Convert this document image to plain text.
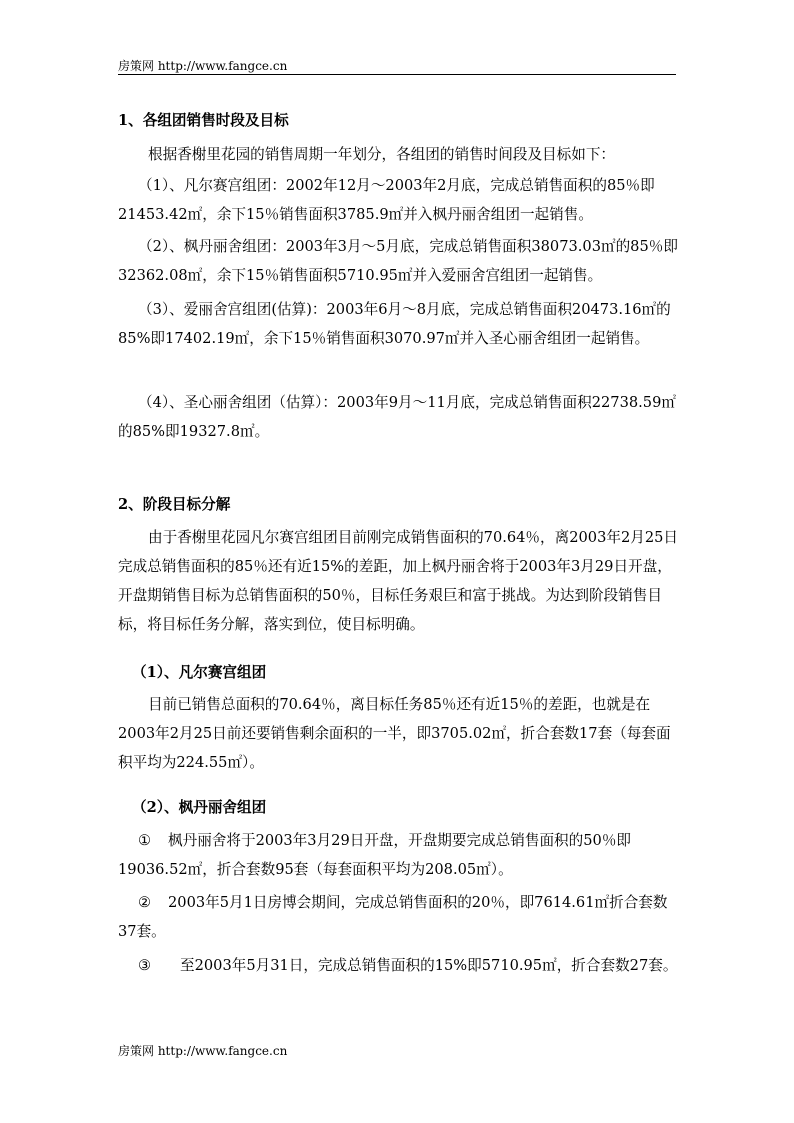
房策网 http://www.fangce.cn
1、各组团销售时段及目标
根据香榭里花园的销售周期一年划分，各组团的销售时间段及目标如下：
（1）、凡尔赛宫组团：2002年12月～2003年2月底，完成总销售面积的85％即21453.42㎡，余下15％销售面积3785.9㎡并入枫丹丽舍组团一起销售。
（2）、枫丹丽舍组团：2003年3月～5月底，完成总销售面积38073.03㎡的85％即32362.08㎡，余下15％销售面积5710.95㎡并入爱丽舍宫组团一起销售。
（3）、爱丽舍宫组团(估算)：2003年6月～8月底，完成总销售面积20473.16㎡的85%即17402.19㎡，余下15％销售面积3070.97㎡并入圣心丽舍组团一起销售。
（4）、圣心丽舍组团（估算）：2003年9月～11月底，完成总销售面积22738.59㎡的85%即19327.8㎡。
2、阶段目标分解
由于香榭里花园凡尔赛宫组团目前刚完成销售面积的70.64％，离2003年2月25日完成总销售面积的85％还有近15%的差距，加上枫丹丽舍将于2003年3月29日开盘，开盘期销售目标为总销售面积的50％，目标任务艰巨和富于挑战。为达到阶段销售目标，将目标任务分解，落实到位，使目标明确。
（1）、凡尔赛宫组团
目前已销售总面积的70.64％，离目标任务85％还有近15％的差距，也就是在2003年2月25日前还要销售剩余面积的一半，即3705.02㎡，折合套数17套（每套面积平均为224.55㎡）。
（2）、枫丹丽舍组团
① 枫丹丽舍将于2003年3月29日开盘，开盘期要完成总销售面积的50％即19036.52㎡，折合套数95套（每套面积平均为208.05㎡）。
② 2003年5月1日房博会期间，完成总销售面积的20％，即7614.61㎡折合套数37套。
③	至2003年5月31日，完成总销售面积的15%即5710.95㎡，折合套数27套。
房策网 http://www.fangce.cn
